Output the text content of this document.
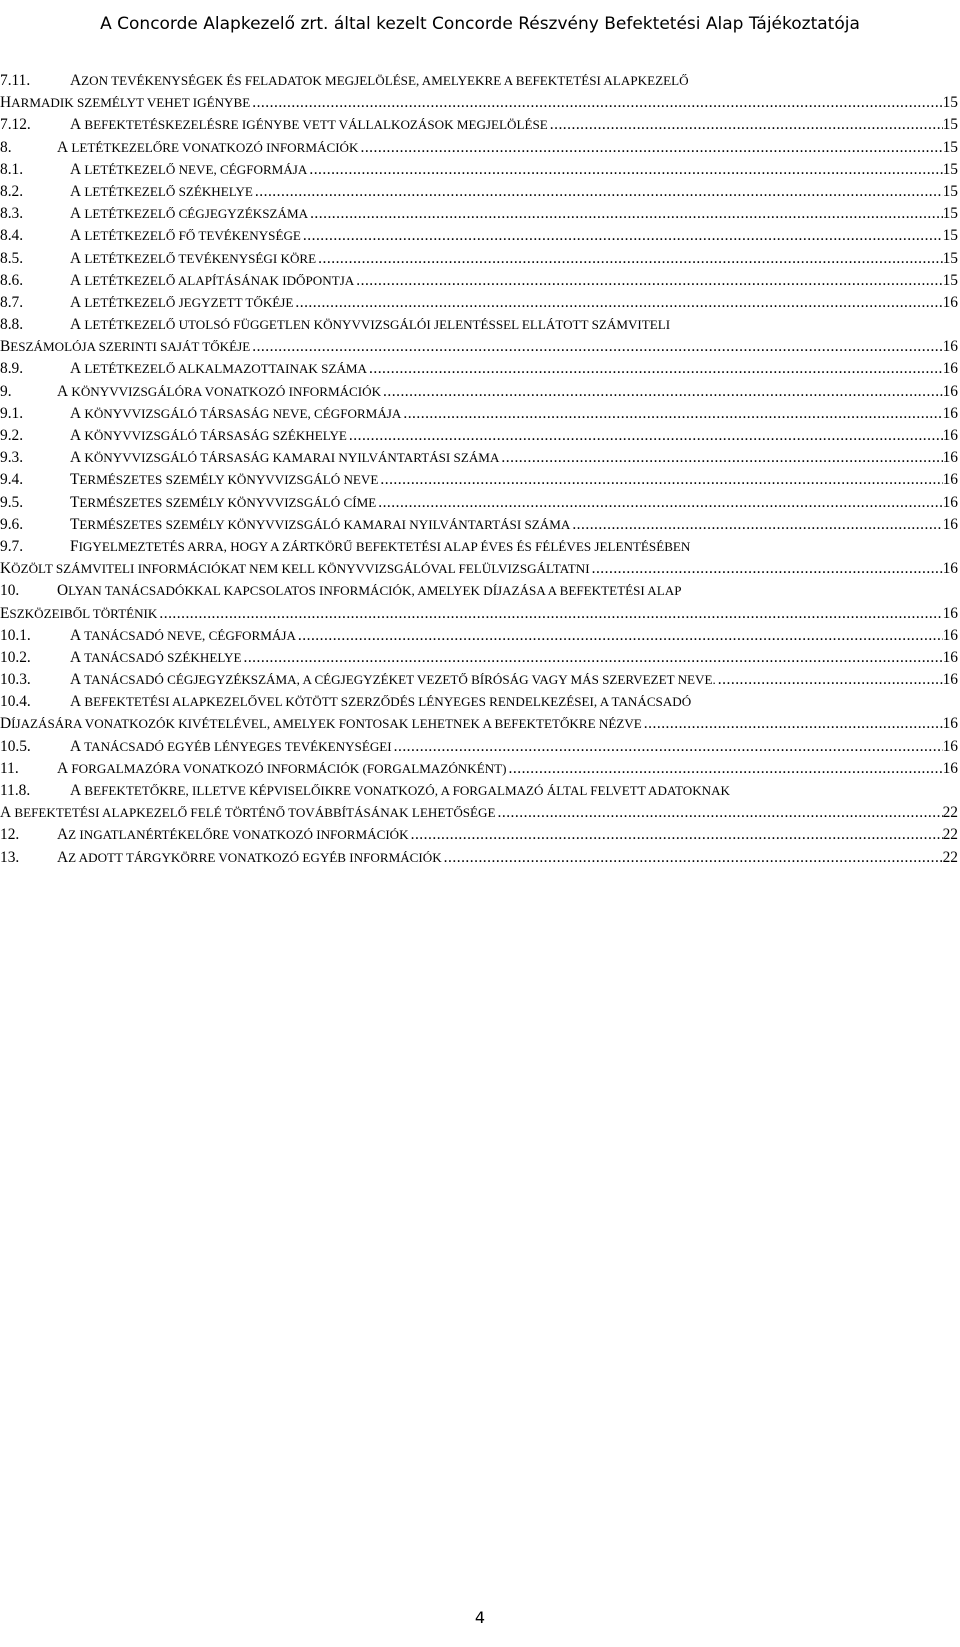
A Concorde Alapkezelő zrt. által kezelt Concorde Részvény Befektetési Alap Tájékoztatója
7.11.	AZON TEVÉKENYSÉGEK ÉS FELADATOK MEGJELÖLÉSE, AMELYEKRE A BEFEKTETÉSI ALAPKEZELŐ
HARMADIK SZEMÉLYT VEHET IGÉNYBE .....	15
7.12.	A BEFEKTETÉSKEZELÉSRE IGÉNYBE VETT VÁLLALKOZÁSOK MEGJELÖLÉSE .....	15
8.	A LETÉTKEZELŐRE VONATKOZÓ INFORMÁCIÓK .....	15
8.1.	A LETÉTKEZELŐ NEVE, CÉGFORMÁJA .....	15
8.2.	A LETÉTKEZELŐ SZÉKHELYE .....	15
8.3.	A LETÉTKEZELŐ CÉGJEGYZÉKSZÁMA .....	15
8.4.	A LETÉTKEZELŐ FŐ TEVÉKENYSÉGE .....	15
8.5.	A LETÉTKEZELŐ TEVÉKENYSÉGI KÖRE .....	15
8.6.	A LETÉTKEZELŐ ALAPÍTÁSÁNAK IDŐPONTJA .....	15
8.7.	A LETÉTKEZELŐ JEGYZETT TŐKÉJE .....	16
8.8.	A LETÉTKEZELŐ UTOLSÓ FÜGGETLEN KÖNYVVIZSGÁLÓI JELENTÉSSEL ELLÁTOTT SZÁMVITELI
BESZÁMOLÓJA SZERINTI SAJÁT TŐKÉJE .....	16
8.9.	A LETÉTKEZELŐ ALKALMAZOTTAINAK SZÁMA .....	16
9.	A KÖNYVVIZSGÁLÓRA VONATKOZÓ INFORMÁCIÓK .....	16
9.1.	A KÖNYVVIZSGÁLÓ TÁRSASÁG NEVE, CÉGFORMÁJA .....	16
9.2.	A KÖNYVVIZSGÁLÓ TÁRSASÁG SZÉKHELYE .....	16
9.3.	A KÖNYVVIZSGÁLÓ TÁRSASÁG KAMARAI NYILVÁNTARTÁSI SZÁMA .....	16
9.4.	TERMÉSZETES SZEMÉLY KÖNYVVIZSGÁLÓ NEVE .....	16
9.5.	TERMÉSZETES SZEMÉLY KÖNYVVIZSGÁLÓ CÍME .....	16
9.6.	TERMÉSZETES SZEMÉLY KÖNYVVIZSGÁLÓ KAMARAI NYILVÁNTARTÁSI SZÁMA .....	16
9.7.	FIGYELMEZTETÉS ARRA, HOGY A ZÁRTKÖRŰ BEFEKTETÉSI ALAP ÉVES ÉS FÉLÉVES JELENTÉSÉBEN
KÖZÖLT SZÁMVITELI INFORMÁCIÓKAT NEM KELL KÖNYVVIZSGÁLÓVAL FELÜLVIZSGÁLTATNI .....	16
10.	OLYAN TANÁCSADÓKKAL KAPCSOLATOS INFORMÁCIÓK, AMELYEK DÍJAZÁSA A BEFEKTETÉSI ALAP
ESZKÖZEIBŐL TÖRTÉNIK .....	16
10.1.	A TANÁCSADÓ NEVE, CÉGFORMÁJA .....	16
10.2.	A TANÁCSADÓ SZÉKHELYE .....	16
10.3.	A TANÁCSADÓ CÉGJEGYZÉKSZÁMA, A CÉGJEGYZÉKET VEZETŐ BÍRÓSÁG VAGY MÁS SZERVEZET NEVE. .....	16
10.4.	A BEFEKTETÉSI ALAPKEZELŐVEL KÖTÖTT SZERZŐDÉS LÉNYEGES RENDELKEZÉSEI, A TANÁCSADÓ
DÍJAZÁSÁRA VONATKOZÓK KIVÉTELÉVEL, AMELYEK FONTOSAK LEHETNEK A BEFEKTETŐKRE NÉZVE .....	16
10.5.	A TANÁCSADÓ EGYÉB LÉNYEGES TEVÉKENYSÉGEI .....	16
11.	A FORGALMAZÓRA VONATKOZÓ INFORMÁCIÓK (FORGALMAZÓNKÉNT) .....	16
11.8.	A BEFEKTETŐKRE, ILLETVE KÉPVISELŐIKRE VONATKOZÓ, A FORGALMAZÓ ÁLTAL FELVETT ADATOKNAK
A BEFEKTETÉSI ALAPKEZELŐ FELÉ TÖRTÉNŐ TOVÁBBÍTÁSÁNAK LEHETŐSÉGE .....	22
12.	AZ INGATLANÉRTÉKELŐRE VONATKOZÓ INFORMÁCIÓK .....	22
13.	AZ ADOTT TÁRGYKÖRRE VONATKOZÓ EGYÉB INFORMÁCIÓK .....	22
4
